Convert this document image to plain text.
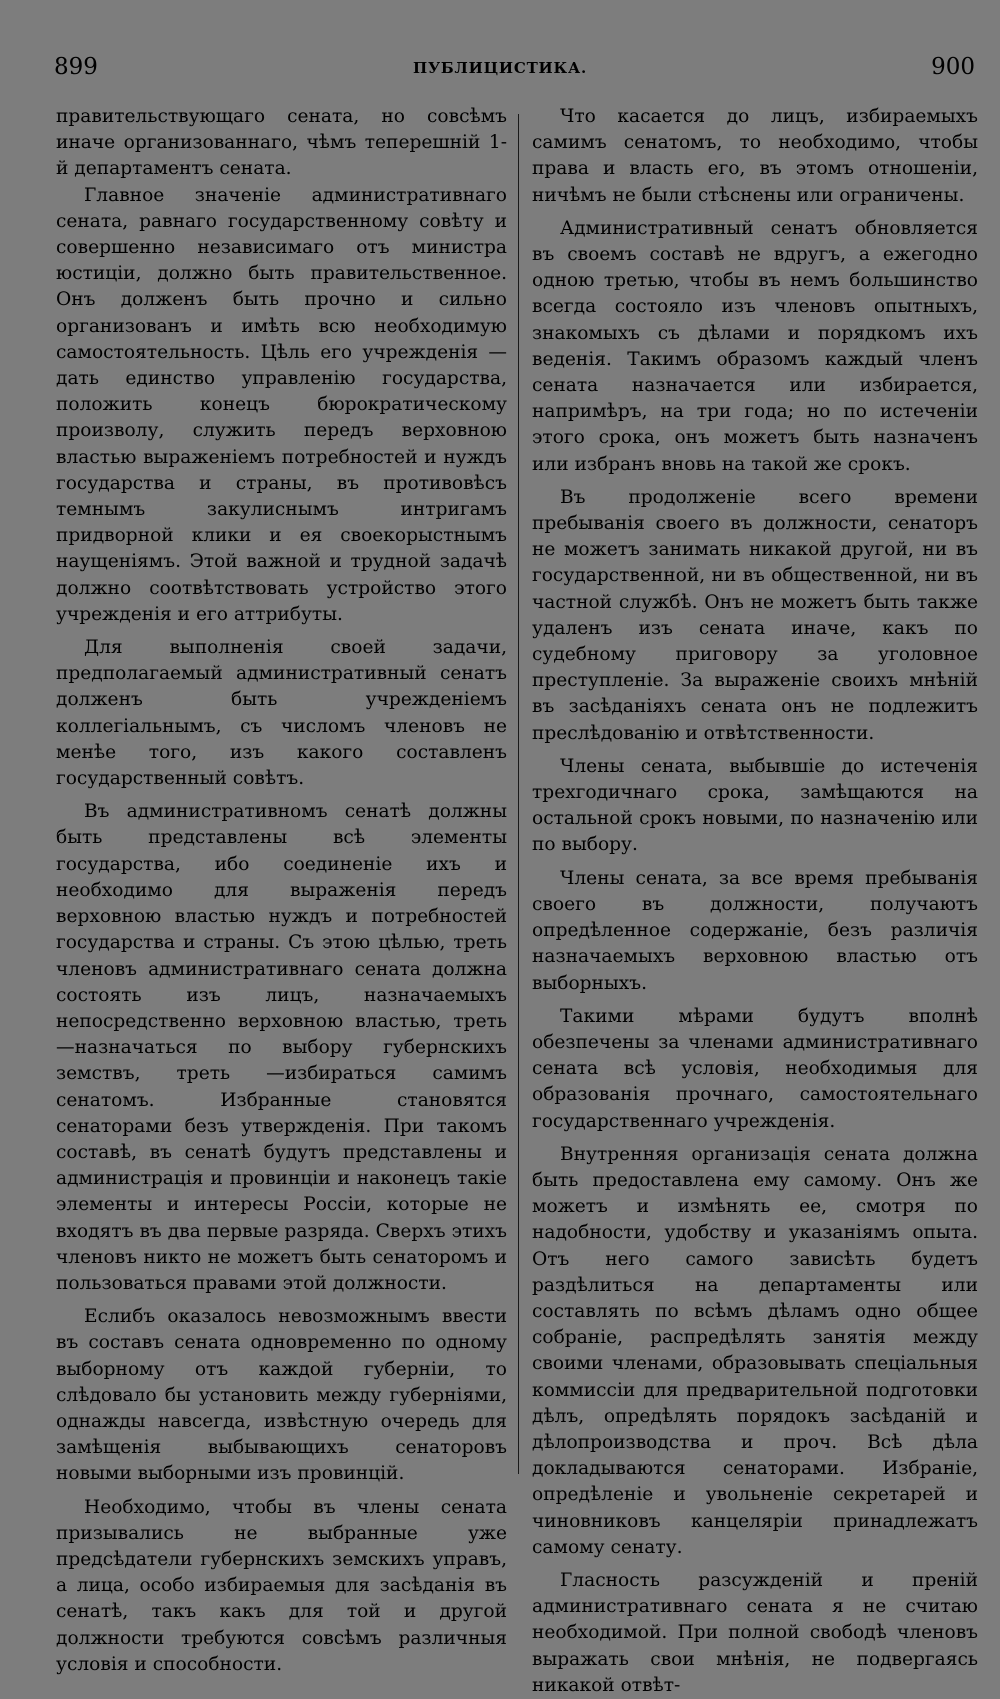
899	ПУБЛИЦИСТИКА.	900

правительствующаго сената, но совсѣмъ иначе организованнаго, чѣмъ теперешній 1-й департаментъ сената.

Главное значеніе административнаго сената, равнаго государственному совѣту и совершенно независимаго отъ министра юстиціи, должно быть правительственное. Онъ долженъ быть прочно и сильно организованъ и имѣть всю необходимую самостоятельность. Цѣль его учрежденія — дать единство управленію государства, положить конецъ бюрократическому произволу, служить передъ верховною властью выраженіемъ потребностей и нуждъ государства и страны, въ противовѣсъ темнымъ закулиснымъ интригамъ придворной клики и ея своекорыстнымъ наущеніямъ. Этой важной и трудной задачѣ должно соотвѣтствовать устройство этого учрежденія и его аттрибуты.

Для выполненія своей задачи, предполагаемый административный сенатъ долженъ быть учрежденіемъ коллегіальнымъ, съ числомъ членовъ не менѣе того, изъ какого составленъ государственный совѣтъ.

Въ административномъ сенатѣ должны быть представлены всѣ элементы государства, ибо соединеніе ихъ и необходимо для выраженія передъ верховною властью нуждъ и потребностей государства и страны. Съ этою цѣлью, треть членовъ административнаго сената должна состоять изъ лицъ, назначаемыхъ непосредственно верховною властью, треть—назначаться по выбору губернскихъ земствъ, треть —избираться самимъ сенатомъ. Избранные становятся сенаторами безъ утвержденія. При такомъ составѣ, въ сенатѣ будутъ представлены и администрація и провинціи и наконецъ такіе элементы и интересы Россіи, которые не входятъ въ два первые разряда. Сверхъ этихъ членовъ никто не можетъ быть сенаторомъ и пользоваться правами этой должности.

Еслибъ оказалось невозможнымъ ввести въ составъ сената одновременно по одному выборному отъ каждой губерніи, то слѣдовало бы установить между губерніями, однажды навсегда, извѣстную очередь для замѣщенія выбывающихъ сенаторовъ новыми выборными изъ провинцій.

Необходимо, чтобы въ члены сената призывались не выбранные уже предсѣдатели губернскихъ земскихъ управъ, а лица, особо избираемыя для засѣданія въ сенатѣ, такъ какъ для той и другой должности требуются совсѣмъ различныя условія и способности.

Что касается до лицъ, избираемыхъ самимъ сенатомъ, то необходимо, чтобы права и власть его, въ этомъ отношеніи, ничѣмъ не были стѣснены или ограничены.

Административный сенатъ обновляется въ своемъ составѣ не вдругъ, а ежегодно одною третью, чтобы въ немъ большинство всегда состояло изъ членовъ опытныхъ, знакомыхъ съ дѣлами и порядкомъ ихъ веденія. Такимъ образомъ каждый членъ сената назначается или избирается, напримѣръ, на три года; но по истеченіи этого срока, онъ можетъ быть назначенъ или избранъ вновь на такой же срокъ.

Въ продолженіе всего времени пребыванія своего въ должности, сенаторъ не можетъ занимать никакой другой, ни въ государственной, ни въ общественной, ни въ частной службѣ. Онъ не можетъ быть также удаленъ изъ сената иначе, какъ по судебному приговору за уголовное преступленіе. За выраженіе своихъ мнѣній въ засѣданіяхъ сената онъ не подлежитъ преслѣдованію и отвѣтственности.

Члены сената, выбывшіе до истеченія трехгодичнаго срока, замѣщаются на остальной срокъ новыми, по назначенію или по выбору.

Члены сената, за все время пребыванія своего въ должности, получаютъ опредѣленное содержаніе, безъ различія назначаемыхъ верховною властью отъ выборныхъ.

Такими мѣрами будутъ вполнѣ обезпечены за членами административнаго сената всѣ условія, необходимыя для образованія прочнаго, самостоятельнаго государственнаго учрежденія.

Внутренняя организація сената должна быть предоставлена ему самому. Онъ же можетъ и измѣнять ее, смотря по надобности, удобству и указаніямъ опыта. Отъ него самого зависѣть будетъ раздѣлиться на департаменты или составлять по всѣмъ дѣламъ одно общее собраніе, распредѣлять занятія между своими членами, образовывать спеціальныя коммиссіи для предварительной подготовки дѣлъ, опредѣлять порядокъ засѣданій и дѣлопроизводства и проч. Всѣ дѣла докладываются сенаторами. Избраніе, опредѣленіе и увольненіе секретарей и чиновниковъ канцеляріи принадлежатъ самому сенату.

Гласность разсужденій и преній административнаго сената я не считаю необходимой. При полной свободѣ членовъ выражать свои мнѣнія, не подвергаясь никакой отвѣт-
